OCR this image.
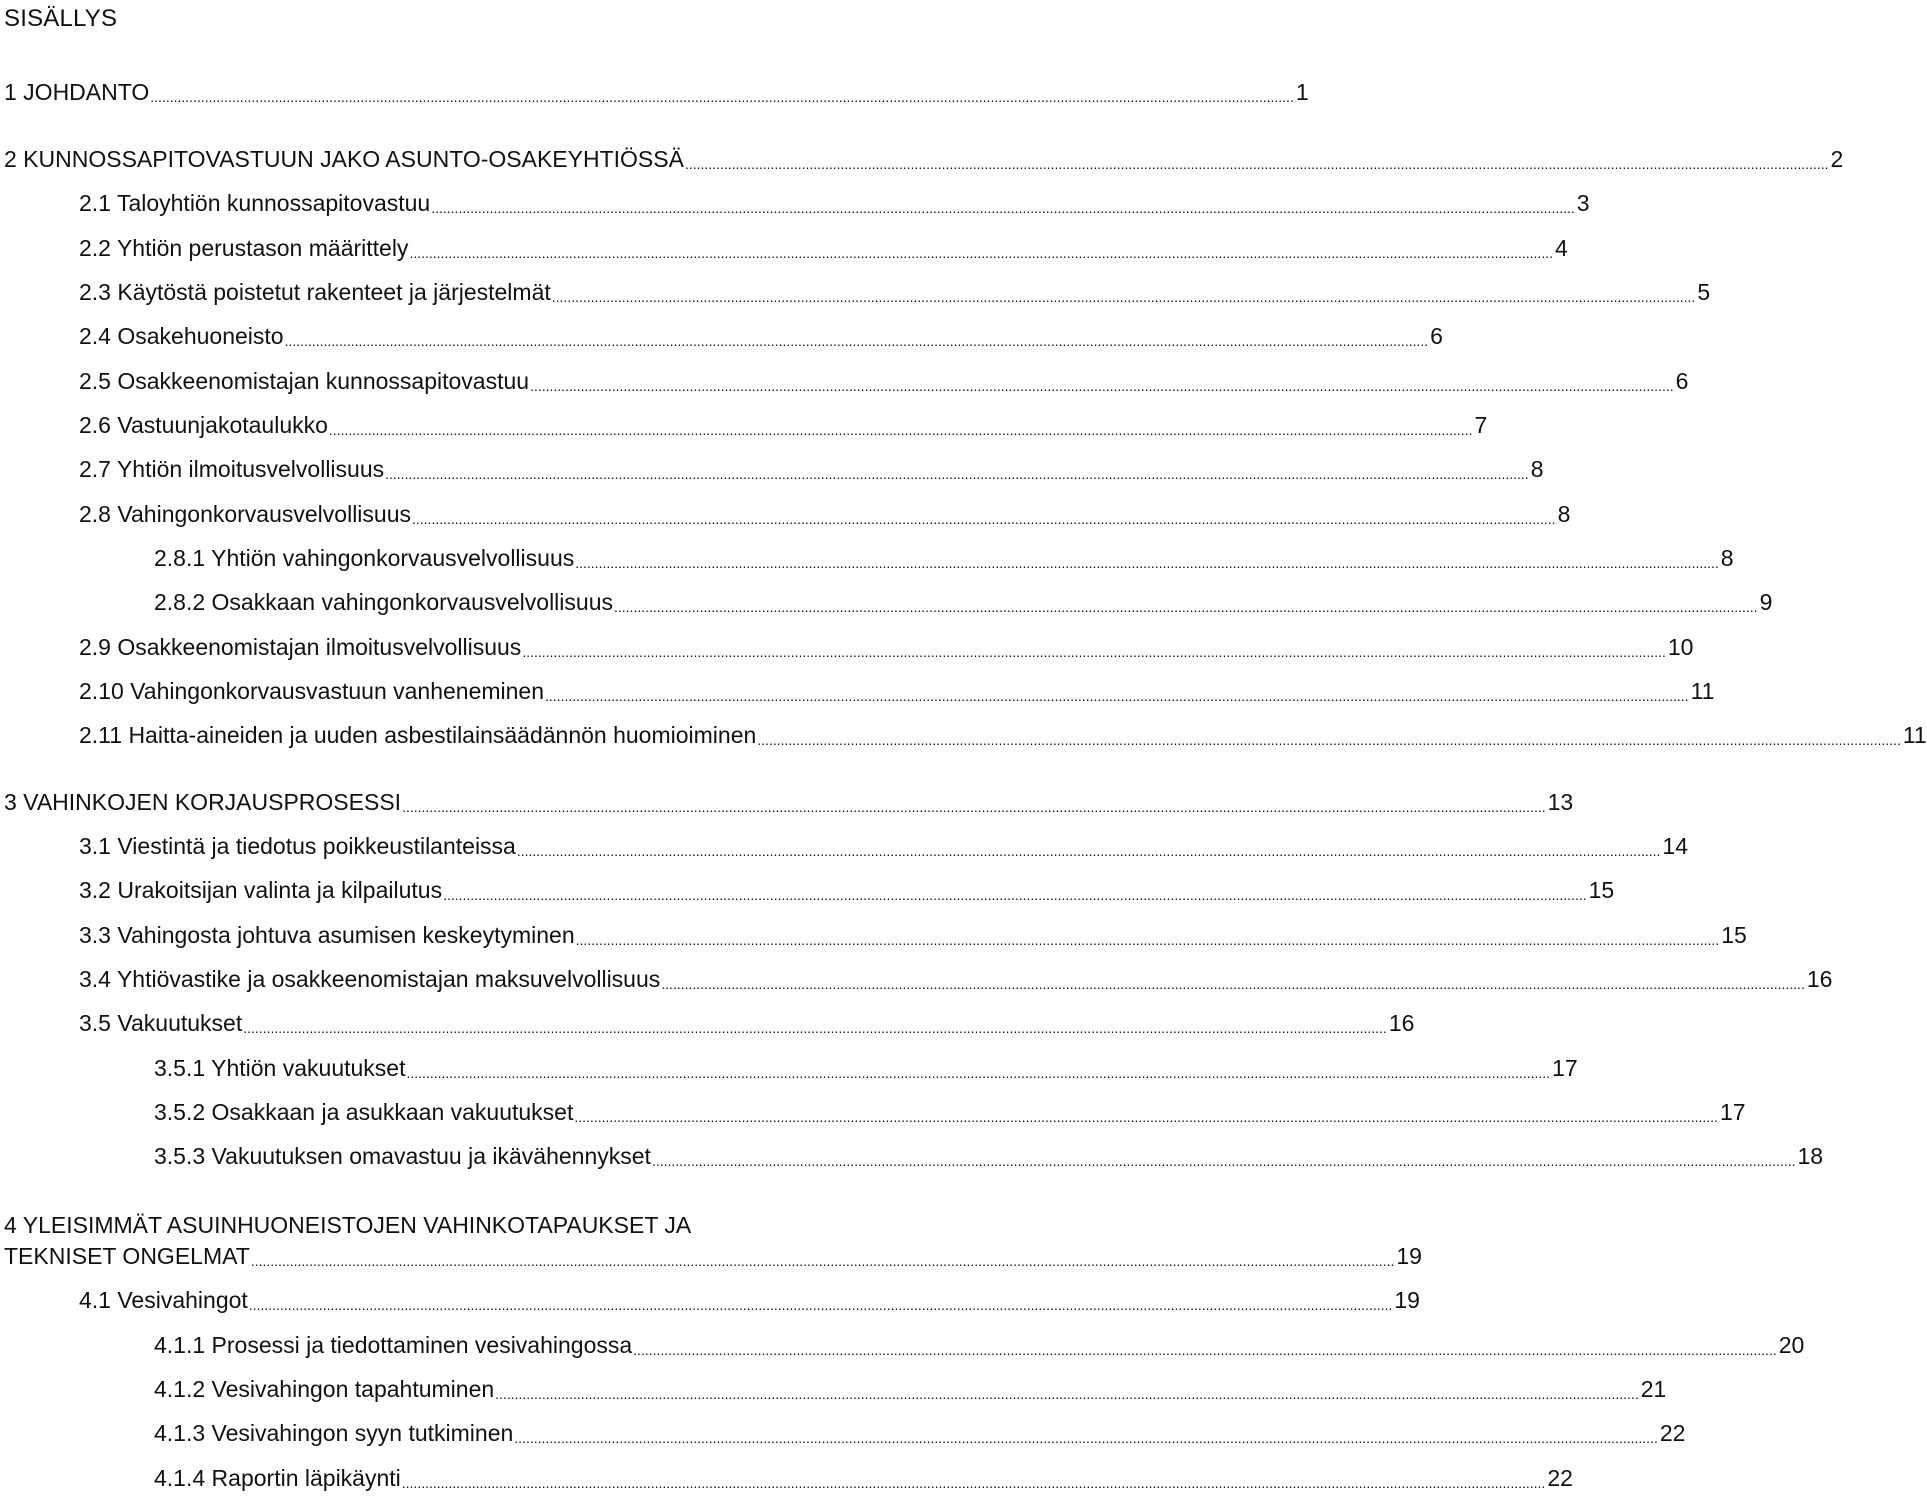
SISÄLLYS
1 JOHDANTO ...................................................................................................................................................................................................................................................................................................... 1
2 KUNNOSSAPITOVASTUUN JAKO ASUNTO-OSAKEYHTIÖSSÄ ...................................................................................................................................................................................................................................................................................................... 2
2.1 Taloyhtiön kunnossapitovastuu ...................................................................................................................................................................................................................................................................................................... 3
2.2 Yhtiön perustason määrittely ...................................................................................................................................................................................................................................................................................................... 4
2.3 Käytöstä poistetut rakenteet ja järjestelmät ...................................................................................................................................................................................................................................................................................................... 5
2.4 Osakehuoneisto ...................................................................................................................................................................................................................................................................................................... 6
2.5 Osakkeenomistajan kunnossapitovastuu ...................................................................................................................................................................................................................................................................................................... 6
2.6 Vastuunjakotaulukko ...................................................................................................................................................................................................................................................................................................... 7
2.7 Yhtiön ilmoitusvelvollisuus ...................................................................................................................................................................................................................................................................................................... 8
2.8 Vahingonkorvausvelvollisuus ...................................................................................................................................................................................................................................................................................................... 8
2.8.1 Yhtiön vahingonkorvausvelvollisuus ...................................................................................................................................................................................................................................................................................................... 8
2.8.2 Osakkaan vahingonkorvausvelvollisuus ...................................................................................................................................................................................................................................................................................................... 9
2.9 Osakkeenomistajan ilmoitusvelvollisuus ...................................................................................................................................................................................................................................................................................................... 10
2.10 Vahingonkorvausvastuun vanheneminen ...................................................................................................................................................................................................................................................................................................... 11
2.11 Haitta-aineiden ja uuden asbestilainsäädännön huomioiminen ...................................................................................................................................................................................................................................................................................................... 11
3 VAHINKOJEN KORJAUSPROSESSI ...................................................................................................................................................................................................................................................................................................... 13
3.1 Viestintä ja tiedotus poikkeustilanteissa ...................................................................................................................................................................................................................................................................................................... 14
3.2 Urakoitsijan valinta ja kilpailutus ...................................................................................................................................................................................................................................................................................................... 15
3.3 Vahingosta johtuva asumisen keskeytyminen ...................................................................................................................................................................................................................................................................................................... 15
3.4 Yhtiövastike ja osakkeenomistajan maksuvelvollisuus ...................................................................................................................................................................................................................................................................................................... 16
3.5 Vakuutukset ...................................................................................................................................................................................................................................................................................................... 16
3.5.1 Yhtiön vakuutukset ...................................................................................................................................................................................................................................................................................................... 17
3.5.2 Osakkaan ja asukkaan vakuutukset ...................................................................................................................................................................................................................................................................................................... 17
3.5.3 Vakuutuksen omavastuu ja ikävähennykset ...................................................................................................................................................................................................................................................................................................... 18
4 YLEISIMMÄT ASUINHUONEISTOJEN VAHINKOTAPAUKSET JA
TEKNISET ONGELMAT ...................................................................................................................................................................................................................................................................................................... 19
4.1 Vesivahingot ...................................................................................................................................................................................................................................................................................................... 19
4.1.1 Prosessi ja tiedottaminen vesivahingossa ...................................................................................................................................................................................................................................................................................................... 20
4.1.2 Vesivahingon tapahtuminen ...................................................................................................................................................................................................................................................................................................... 21
4.1.3 Vesivahingon syyn tutkiminen ...................................................................................................................................................................................................................................................................................................... 22
4.1.4 Raportin läpikäynti ...................................................................................................................................................................................................................................................................................................... 22
